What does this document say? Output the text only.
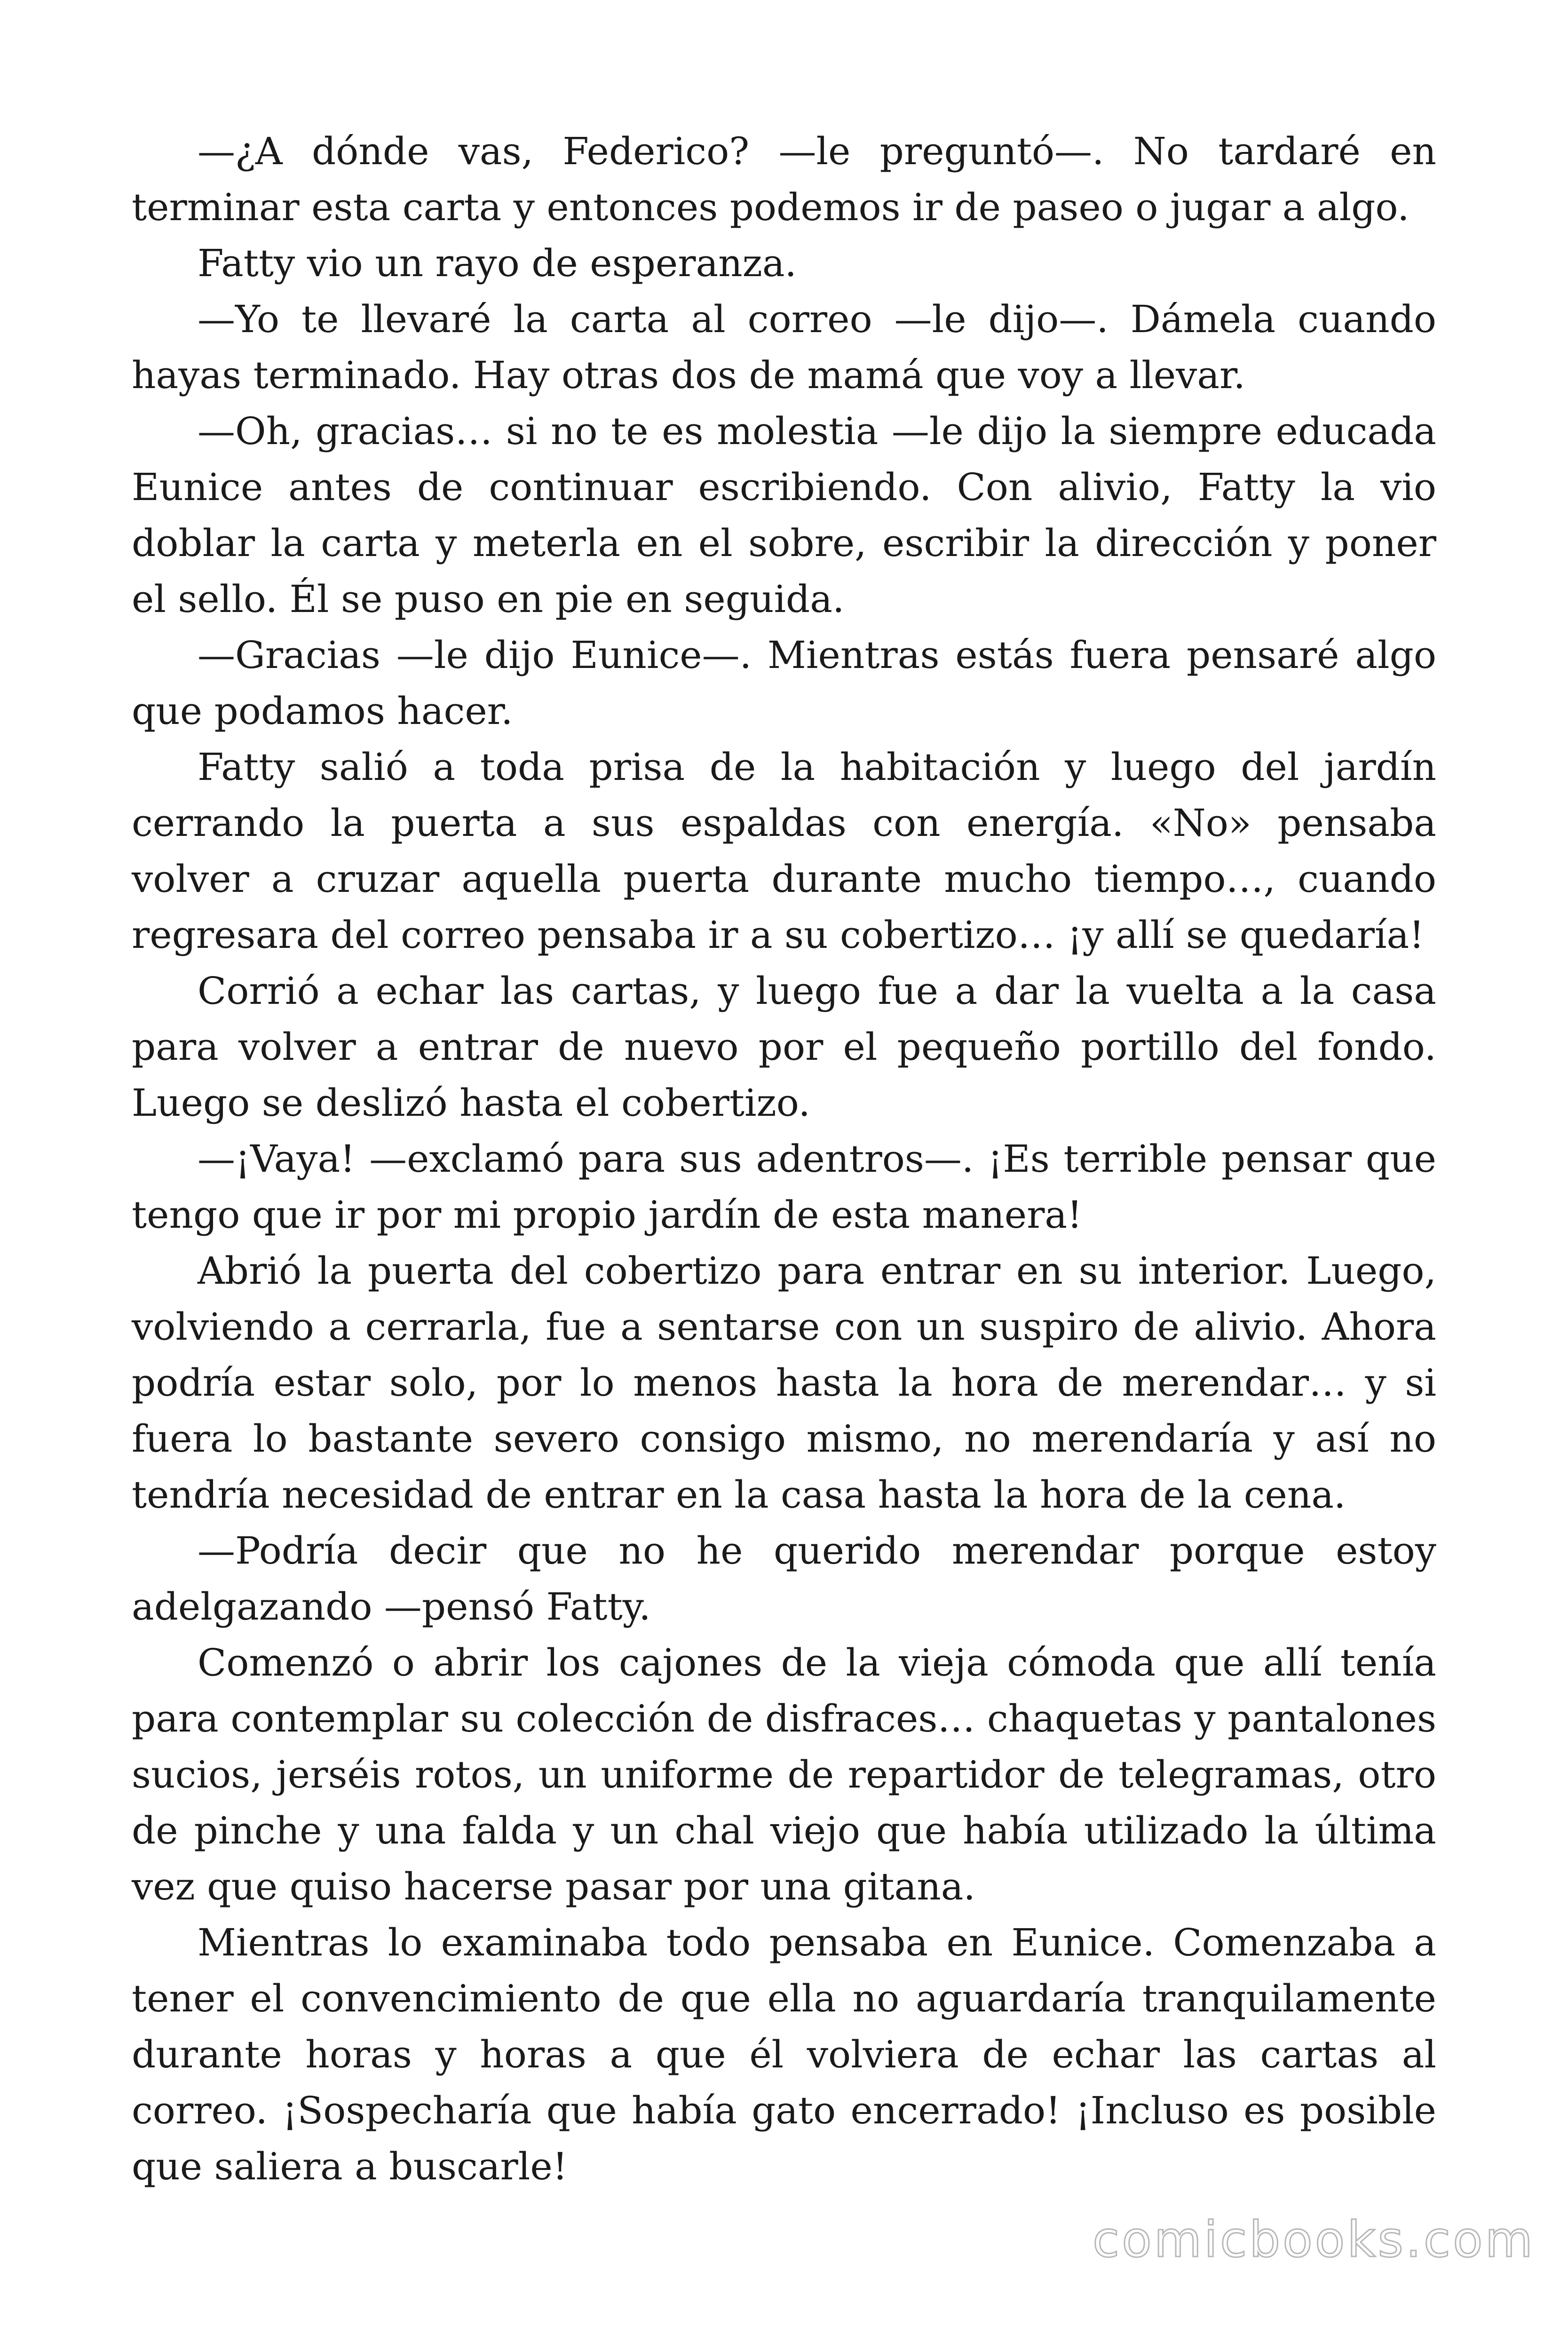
—¿A dónde vas, Federico? —le preguntó—. No tardaré en terminar esta carta y entonces podemos ir de paseo o jugar a algo.

Fatty vio un rayo de esperanza.

—Yo te llevaré la carta al correo —le dijo—. Dámela cuando hayas terminado. Hay otras dos de mamá que voy a llevar.

—Oh, gracias… si no te es molestia —le dijo la siempre educada Eunice antes de continuar escribiendo. Con alivio, Fatty la vio doblar la carta y meterla en el sobre, escribir la dirección y poner el sello. Él se puso en pie en seguida.

—Gracias —le dijo Eunice—. Mientras estás fuera pensaré algo que podamos hacer.

Fatty salió a toda prisa de la habitación y luego del jardín cerrando la puerta a sus espaldas con energía. «No» pensaba volver a cruzar aquella puerta durante mucho tiempo…, cuando regresara del correo pensaba ir a su cobertizo… ¡y allí se quedaría!

Corrió a echar las cartas, y luego fue a dar la vuelta a la casa para volver a entrar de nuevo por el pequeño portillo del fondo. Luego se deslizó hasta el cobertizo.

—¡Vaya! —exclamó para sus adentros—. ¡Es terrible pensar que tengo que ir por mi propio jardín de esta manera!

Abrió la puerta del cobertizo para entrar en su interior. Luego, volviendo a cerrarla, fue a sentarse con un suspiro de alivio. Ahora podría estar solo, por lo menos hasta la hora de merendar… y si fuera lo bastante severo consigo mismo, no merendaría y así no tendría necesidad de entrar en la casa hasta la hora de la cena.

—Podría decir que no he querido merendar porque estoy adelgazando —pensó Fatty.

Comenzó o abrir los cajones de la vieja cómoda que allí tenía para contemplar su colección de disfraces… chaquetas y pantalones sucios, jerséis rotos, un uniforme de repartidor de telegramas, otro de pinche y una falda y un chal viejo que había utilizado la última vez que quiso hacerse pasar por una gitana.

Mientras lo examinaba todo pensaba en Eunice. Comenzaba a tener el convencimiento de que ella no aguardaría tranquilamente durante horas y horas a que él volviera de echar las cartas al correo. ¡Sospecharía que había gato encerrado! ¡Incluso es posible que saliera a buscarle!

comicbooks.com
